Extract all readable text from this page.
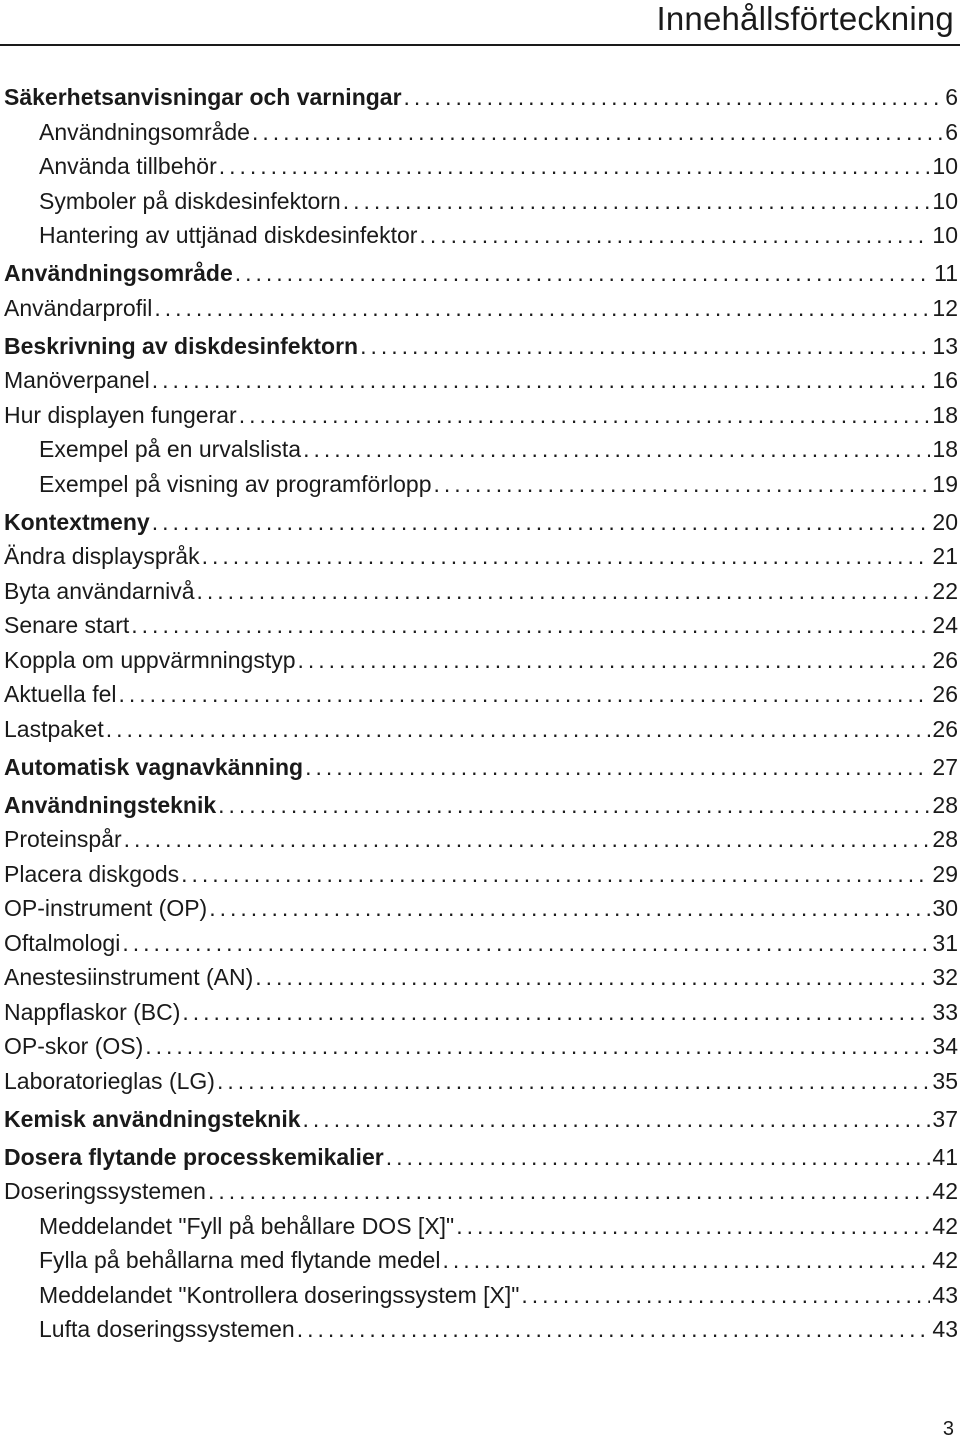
Innehållsförteckning
Säkerhetsanvisningar och varningar . . .	6
Användningsområde . . .	6
Använda tillbehör . . .	10
Symboler på diskdesinfektorn . . .	10
Hantering av uttjänad diskdesinfektor . . .	10
Användningsområde . . .	11
Användarprofil . . .	12
Beskrivning av diskdesinfektorn . . .	13
Manöverpanel . . .	16
Hur displayen fungerar . . .	18
Exempel på en urvalslista . . .	18
Exempel på visning av programförlopp . . .	19
Kontextmeny . . .	20
Ändra displayspråk . . .	21
Byta användarnivå . . .	22
Senare start . . .	24
Koppla om uppvärmningstyp . . .	26
Aktuella fel . . .	26
Lastpaket . . .	26
Automatisk vagnavkänning . . .	27
Användningsteknik . . .	28
Proteinspår . . .	28
Placera diskgods . . .	29
OP-instrument (OP) . . .	30
Oftalmologi . . .	31
Anestesiinstrument (AN) . . .	32
Nappflaskor (BC) . . .	33
OP-skor (OS) . . .	34
Laboratorieglas (LG) . . .	35
Kemisk användningsteknik . . .	37
Dosera flytande processkemikalier . . .	41
Doseringssystemen . . .	42
Meddelandet "Fyll på behållare DOS [X]" . . .	42
Fylla på behållarna med flytande medel . . .	42
Meddelandet "Kontrollera doseringssystem [X]" . . .	43
Lufta doseringssystemen . . .	43
3
